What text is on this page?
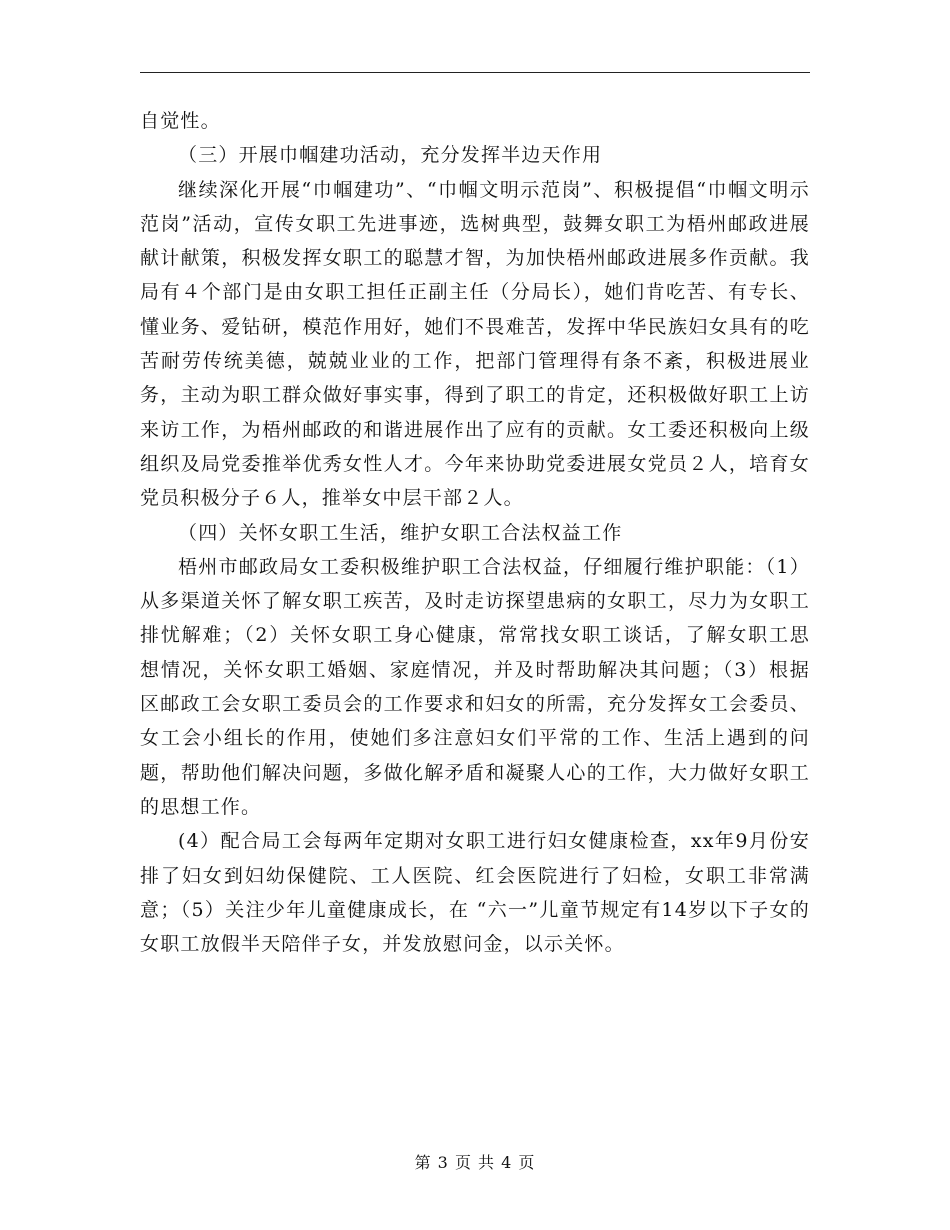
自觉性。

（三）开展巾帼建功活动，充分发挥半边天作用

继续深化开展“巾帼建功”、“巾帼文明示范岗”、积极提倡“巾帼文明示范岗”活动，宣传女职工先进事迹，选树典型，鼓舞女职工为梧州邮政进展献计献策，积极发挥女职工的聪慧才智，为加快梧州邮政进展多作贡献。我局有４个部门是由女职工担任正副主任（分局长），她们肯吃苦、有专长、懂业务、爱钻研，模范作用好，她们不畏难苦，发挥中华民族妇女具有的吃苦耐劳传统美德，兢兢业业的工作，把部门管理得有条不紊，积极进展业务，主动为职工群众做好事实事，得到了职工的肯定，还积极做好职工上访来访工作，为梧州邮政的和谐进展作出了应有的贡献。女工委还积极向上级组织及局党委推举优秀女性人才。今年来协助党委进展女党员２人，培育女党员积极分子６人，推举女中层干部２人。

（四）关怀女职工生活，维护女职工合法权益工作

梧州市邮政局女工委积极维护职工合法权益，仔细履行维护职能：（1）从多渠道关怀了解女职工疾苦，及时走访探望患病的女职工，尽力为女职工排忧解难；（2）关怀女职工身心健康，常常找女职工谈话，了解女职工思想情况，关怀女职工婚姻、家庭情况，并及时帮助解决其问题；（3）根据区邮政工会女职工委员会的工作要求和妇女的所需，充分发挥女工会委员、女工会小组长的作用，使她们多注意妇女们平常的工作、生活上遇到的问题，帮助他们解决问题，多做化解矛盾和凝聚人心的工作，大力做好女职工的思想工作。

(4）配合局工会每两年定期对女职工进行妇女健康检查，xx年9月份安排了妇女到妇幼保健院、工人医院、红会医院进行了妇检，女职工非常满意；（5）关注少年儿童健康成长，在 “六一”儿童节规定有14岁以下子女的女职工放假半天陪伴子女，并发放慰问金，以示关怀。

第 3 页 共 4 页
